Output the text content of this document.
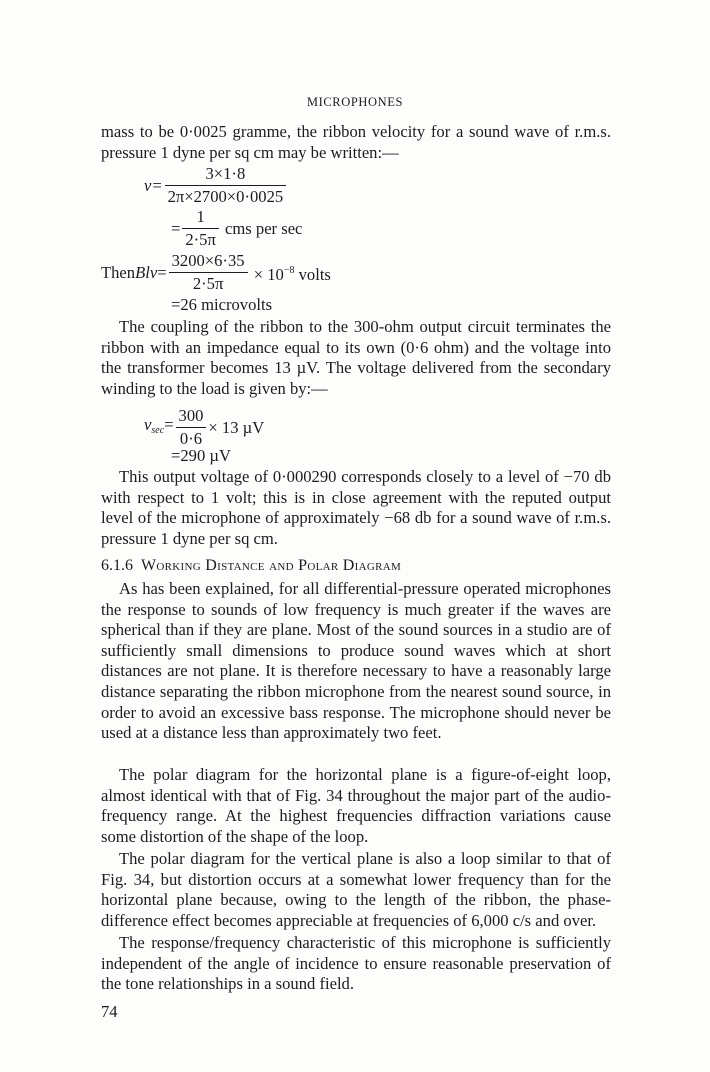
MICROPHONES
mass to be 0·0025 gramme, the ribbon velocity for a sound wave of r.m.s. pressure 1 dyne per sq cm may be written:—
$v= \frac{3\times 1\cdot 8}{2\pi\times 2700\times 0\cdot 0025}$
= $\frac{1}{2\cdot 5\pi}$ cms per sec
ThenBlv= $\frac{3200\times 6\cdot 35}{2\cdot 5\pi} \times 10^{-8}$ volts
=26 microvolts
The coupling of the ribbon to the 300-ohm output circuit terminates the ribbon with an impedance equal to its own (0·6 ohm) and the voltage into the transformer becomes 13 µV. The voltage delivered from the secondary winding to the load is given by:—
$v_{sec}= \frac{300}{0\cdot 6} \times 13$ µV
=290 µV
This output voltage of 0·000290 corresponds closely to a level of −70 db with respect to 1 volt; this is in close agreement with the reputed output level of the microphone of approximately −68 db for a sound wave of r.m.s. pressure 1 dyne per sq cm.
6.1.6 Working Distance and Polar Diagram
As has been explained, for all differential-pressure operated microphones the response to sounds of low frequency is much greater if the waves are spherical than if they are plane. Most of the sound sources in a studio are of sufficiently small dimensions to produce sound waves which at short distances are not plane. It is therefore necessary to have a reasonably large distance separating the ribbon microphone from the nearest sound source, in order to avoid an excessive bass response. The microphone should never be used at a distance less than approximately two feet.
The polar diagram for the horizontal plane is a figure-of-eight loop, almost identical with that of Fig. 34 throughout the major part of the audio-frequency range. At the highest frequencies diffraction variations cause some distortion of the shape of the loop.
The polar diagram for the vertical plane is also a loop similar to that of Fig. 34, but distortion occurs at a somewhat lower frequency than for the horizontal plane because, owing to the length of the ribbon, the phase-difference effect becomes appreciable at frequencies of 6,000 c/s and over.
The response/frequency characteristic of this microphone is sufficiently independent of the angle of incidence to ensure reasonable preservation of the tone relationships in a sound field.
74
